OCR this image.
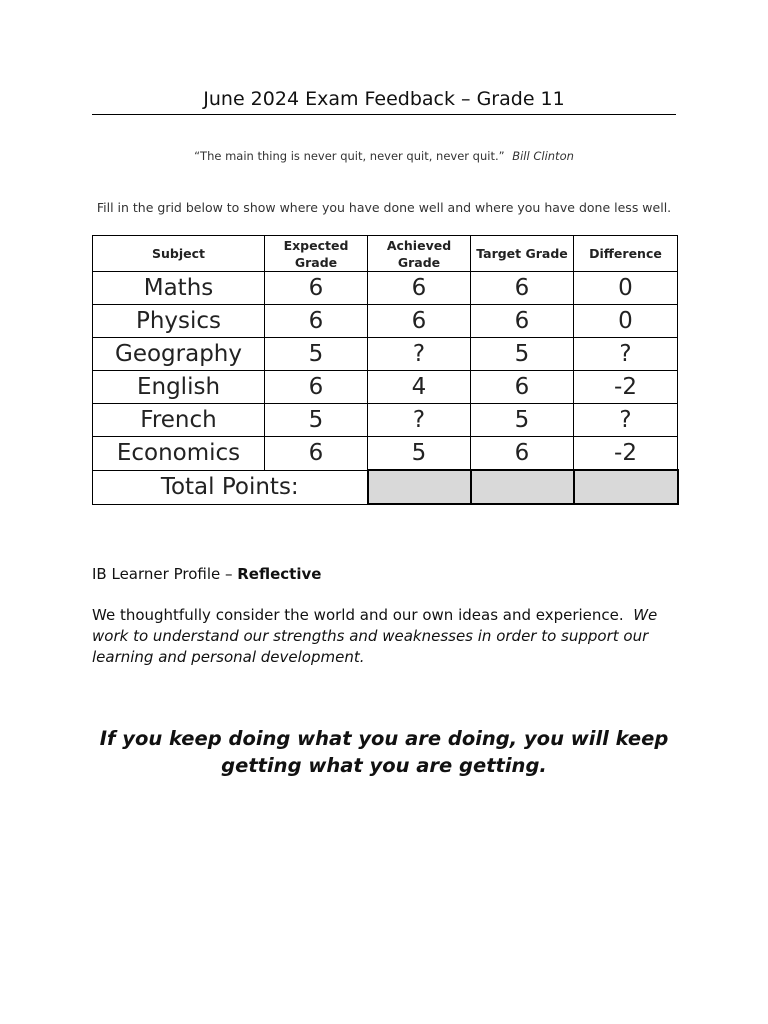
June 2024 Exam Feedback – Grade 11
“The main thing is never quit, never quit, never quit.” Bill Clinton
Fill in the grid below to show where you have done well and where you have done less well.
Subject	Expected Grade	Achieved Grade	Target Grade	Difference
Maths	6	6	6	0
Physics	6	6	6	0
Geography	5	?	5	?
English	6	4	6	-2
French	5	?	5	?
Economics	6	5	6	-2
Total Points:				
IB Learner Profile – Reflective
We thoughtfully consider the world and our own ideas and experience. We work to understand our strengths and weaknesses in order to support our learning and personal development.
If you keep doing what you are doing, you will keep getting what you are getting.
